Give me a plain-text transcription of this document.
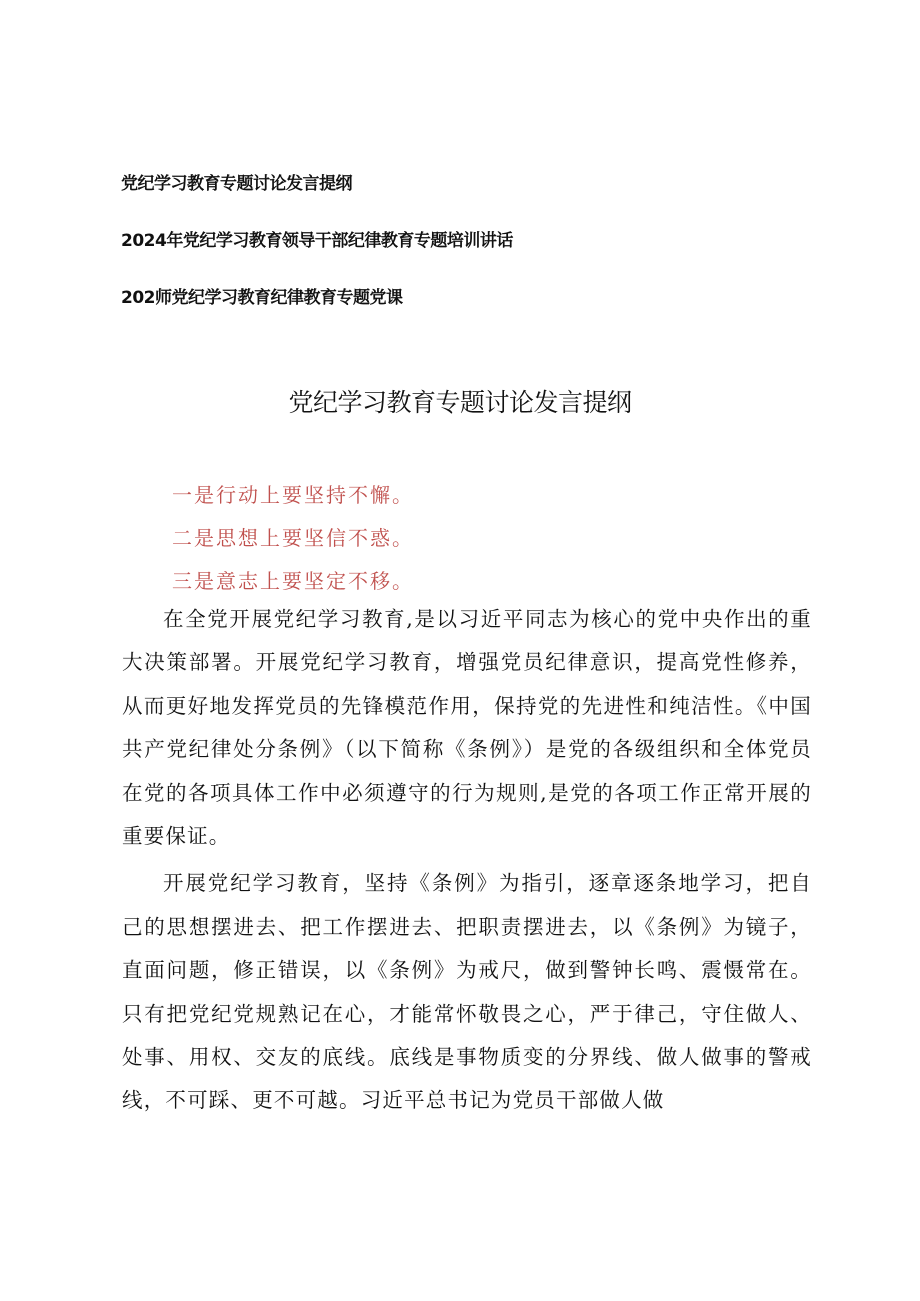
党纪学习教育专题讨论发言提纲
2024年党纪学习教育领导干部纪律教育专题培训讲话
202师党纪学习教育纪律教育专题党课
党纪学习教育专题讨论发言提纲
一是行动上要坚持不懈。
二是思想上要坚信不惑。
三是意志上要坚定不移。

在全党开展党纪学习教育,是以习近平同志为核心的党中央作出的重大决策部署。开展党纪学习教育，增强党员纪律意识，提高党性修养，从而更好地发挥党员的先锋模范作用，保持党的先进性和纯洁性。《中国共产党纪律处分条例》（以下简称《条例》）是党的各级组织和全体党员在党的各项具体工作中必须遵守的行为规则,是党的各项工作正常开展的重要保证。

开展党纪学习教育，坚持《条例》为指引，逐章逐条地学习，把自己的思想摆进去、把工作摆进去、把职责摆进去，以《条例》为镜子，直面问题，修正错误，以《条例》为戒尺，做到警钟长鸣、震慑常在。只有把党纪党规熟记在心，才能常怀敬畏之心，严于律己，守住做人、处事、用权、交友的底线。底线是事物质变的分界线、做人做事的警戒线，不可踩、更不可越。习近平总书记为党员干部做人做
